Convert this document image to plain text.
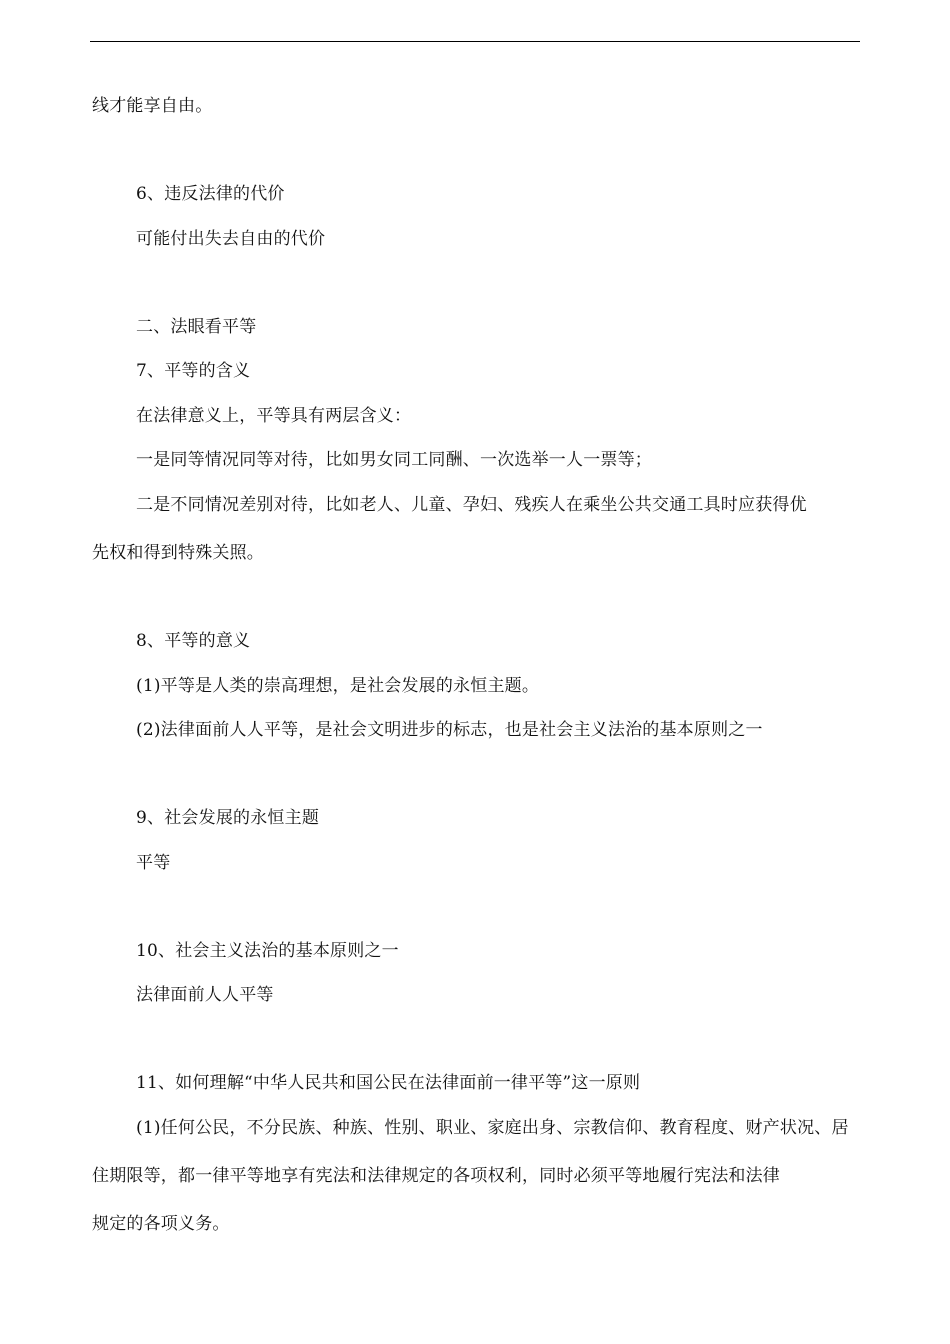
线才能享自由。
6、违反法律的代价
可能付出失去自由的代价
二、法眼看平等
7、平等的含义
在法律意义上，平等具有两层含义：
一是同等情况同等对待，比如男女同工同酬、一次选举一人一票等；
二是不同情况差别对待，比如老人、儿童、孕妇、残疾人在乘坐公共交通工具时应获得优
先权和得到特殊关照。
8、平等的意义
(1)平等是人类的崇高理想，是社会发展的永恒主题。
(2)法律面前人人平等，是社会文明进步的标志，也是社会主义法治的基本原则之一
9、社会发展的永恒主题
平等
10、社会主义法治的基本原则之一
法律面前人人平等
11、如何理解“中华人民共和国公民在法律面前一律平等”这一原则
(1)任何公民，不分民族、种族、性别、职业、家庭出身、宗教信仰、教育程度、财产状况、居
住期限等，都一律平等地享有宪法和法律规定的各项权利，同时必须平等地履行宪法和法律
规定的各项义务。
